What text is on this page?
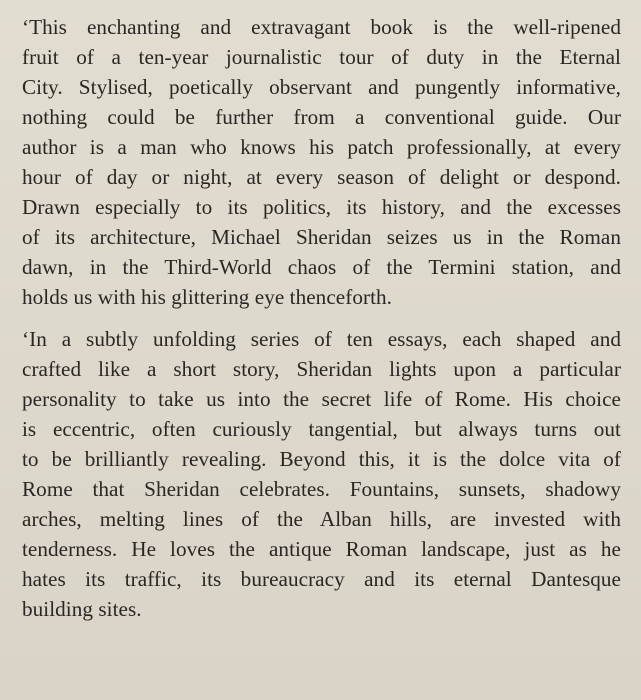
‘This enchanting and extravagant book is the well-ripened
fruit of a ten-year journalistic tour of duty in the Eternal
City. Stylised, poetically observant and pungently informative,
nothing could be further from a conventional guide. Our
author is a man who knows his patch professionally, at every
hour of day or night, at every season of delight or despond.
Drawn especially to its politics, its history, and the excesses
of its architecture, Michael Sheridan seizes us in the Roman
dawn, in the Third-World chaos of the Termini station, and
holds us with his glittering eye thenceforth.

‘In a subtly unfolding series of ten essays, each shaped and
crafted like a short story, Sheridan lights upon a particular
personality to take us into the secret life of Rome. His choice
is eccentric, often curiously tangential, but always turns out
to be brilliantly revealing. Beyond this, it is the dolce vita of
Rome that Sheridan celebrates. Fountains, sunsets, shadowy
arches, melting lines of the Alban hills, are invested with
tenderness. He loves the antique Roman landscape, just as he
hates its traffic, its bureaucracy and its eternal Dantesque
building sites.
